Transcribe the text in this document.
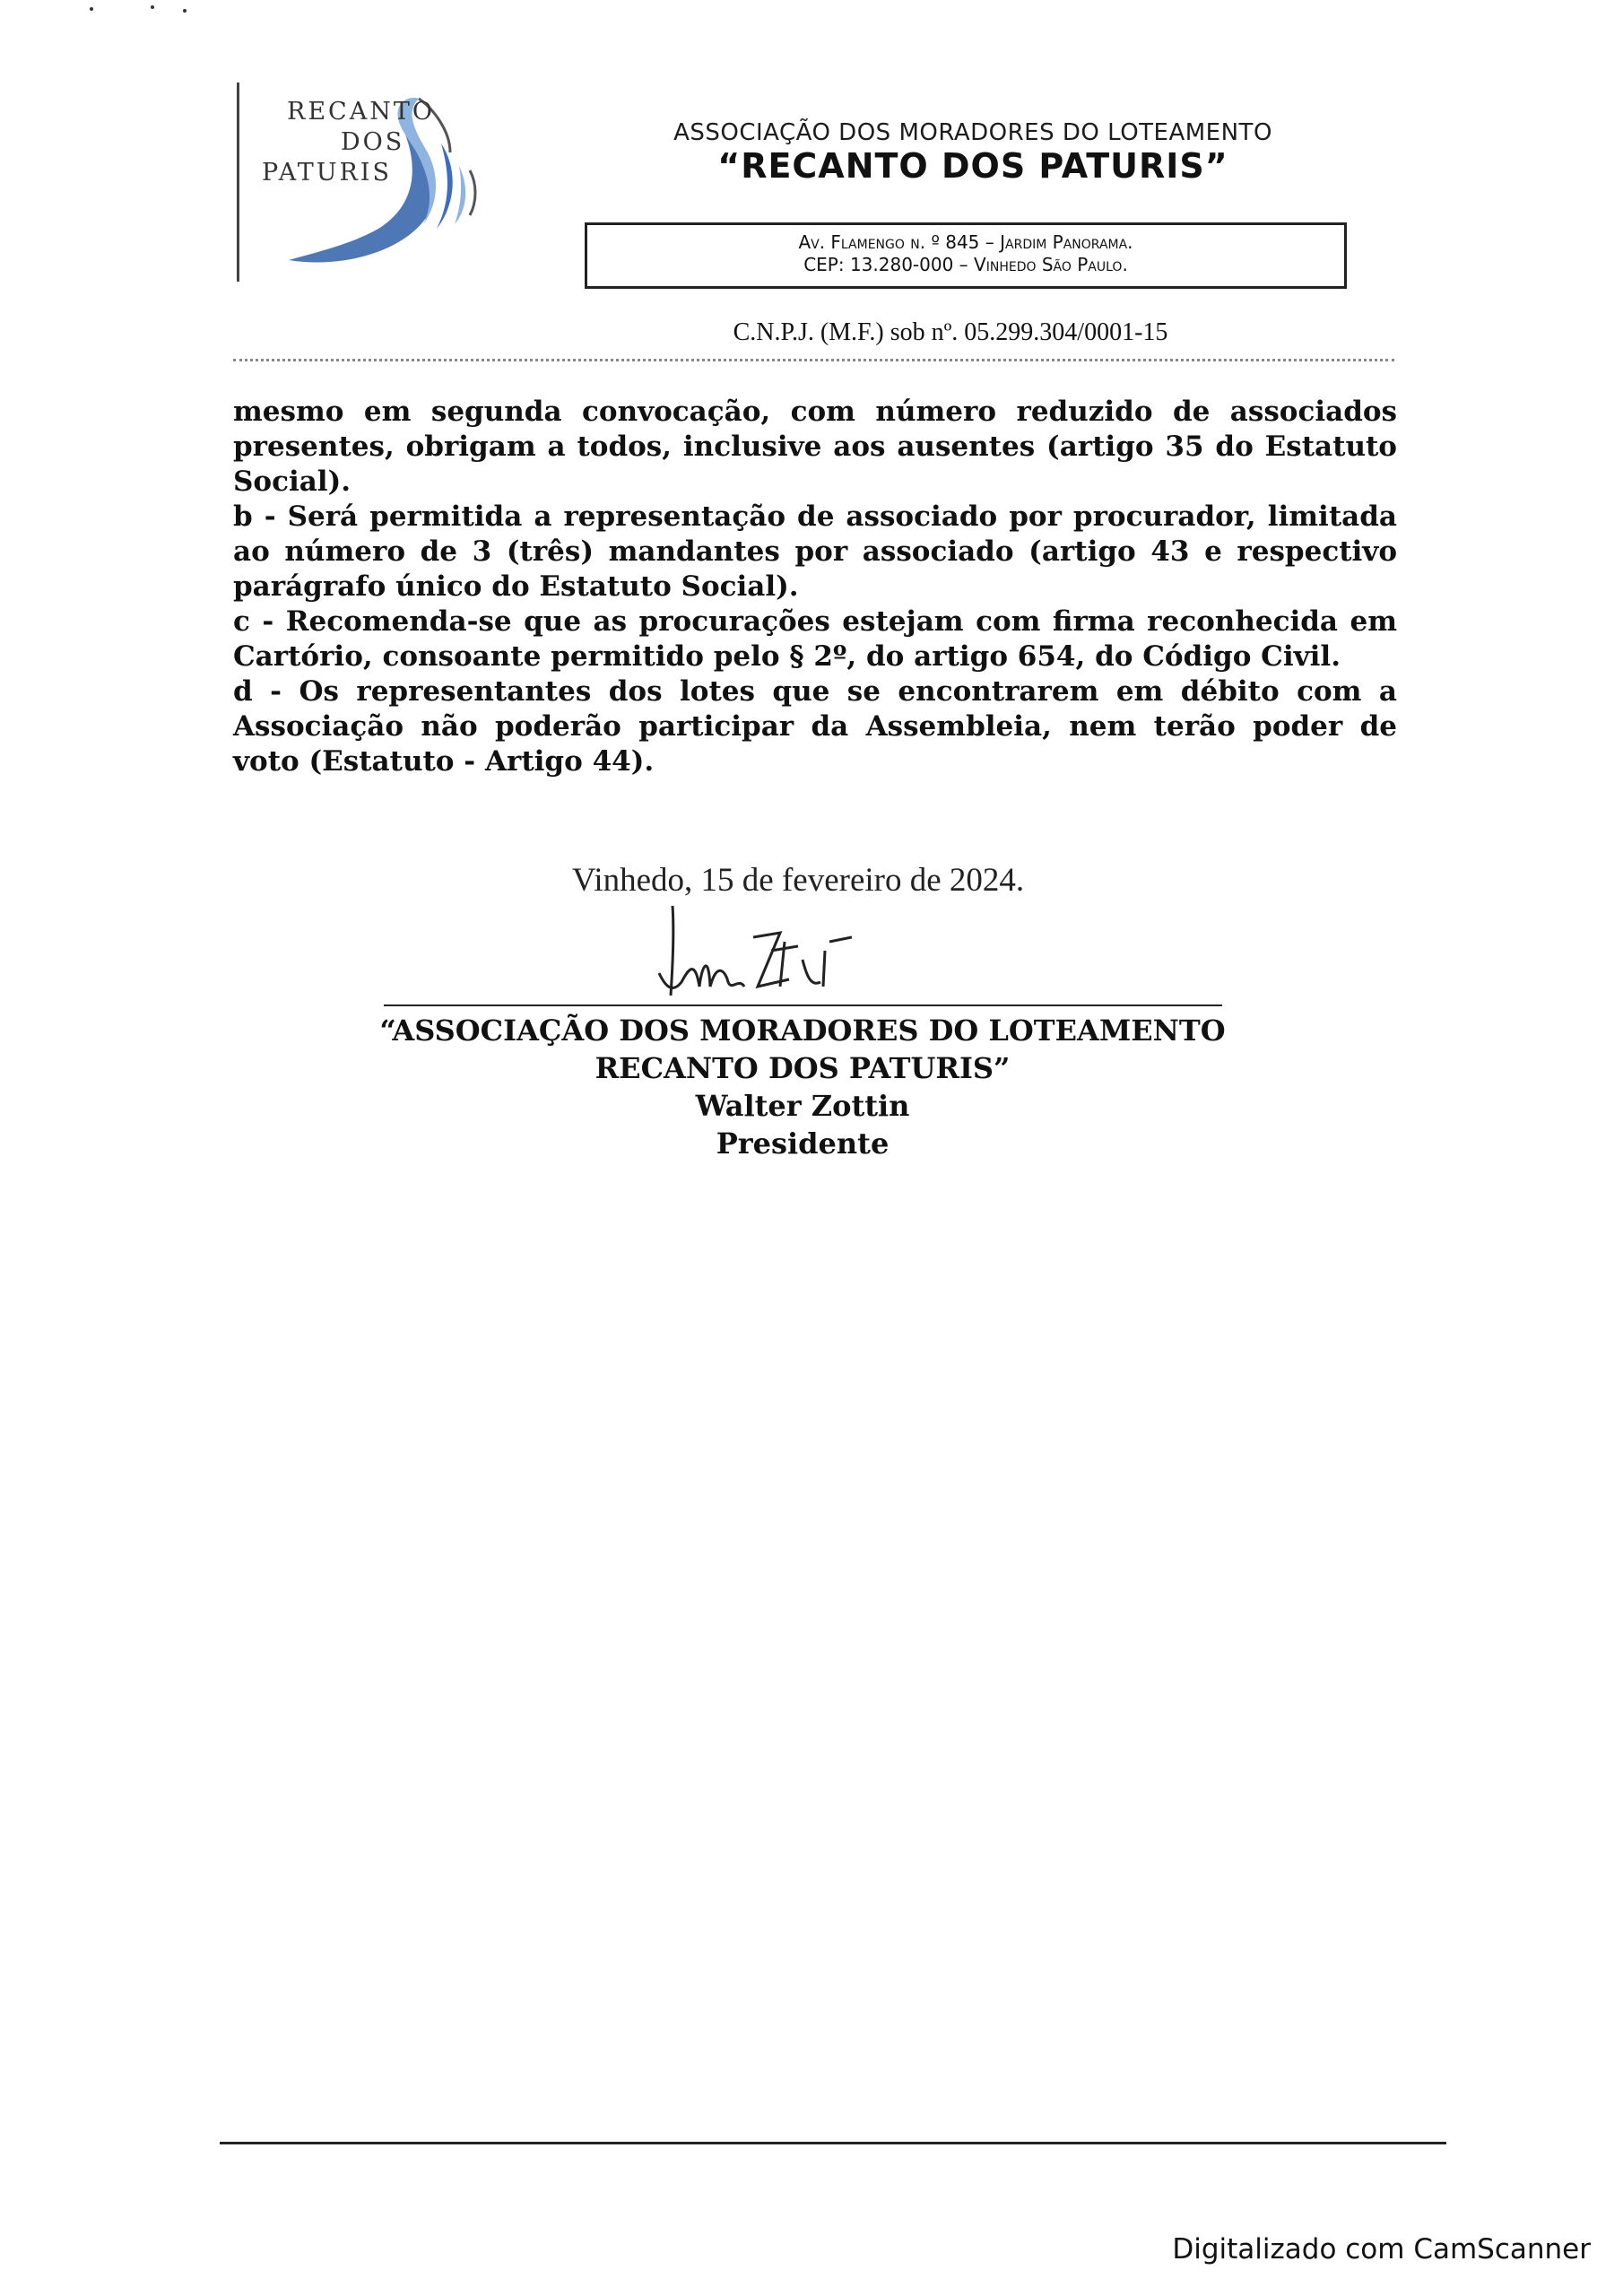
RECANTO
DOS
PATURIS
ASSOCIAÇÃO DOS MORADORES DO LOTEAMENTO
“RECANTO DOS PATURIS”
Av. Flamengo n. º 845 – Jardim Panorama.
CEP: 13.280-000 – Vinhedo São Paulo.
C.N.P.J. (M.F.) sob nº. 05.299.304/0001-15

mesmo em segunda convocação, com número reduzido de associados presentes, obrigam a todos, inclusive aos ausentes (artigo 35 do Estatuto Social).

b - Será permitida a representação de associado por procurador, limitada ao número de 3 (três) mandantes por associado (artigo 43 e respectivo parágrafo único do Estatuto Social).

c - Recomenda-se que as procurações estejam com firma reconhecida em Cartório, consoante permitido pelo § 2º, do artigo 654, do Código Civil.

d - Os representantes dos lotes que se encontrarem em débito com a Associação não poderão participar da Assembleia, nem terão poder de voto (Estatuto - Artigo 44).

Vinhedo, 15 de fevereiro de 2024.
“ASSOCIAÇÃO DOS MORADORES DO LOTEAMENTO
RECANTO DOS PATURIS”
Walter Zottin
Presidente
Digitalizado com CamScanner
